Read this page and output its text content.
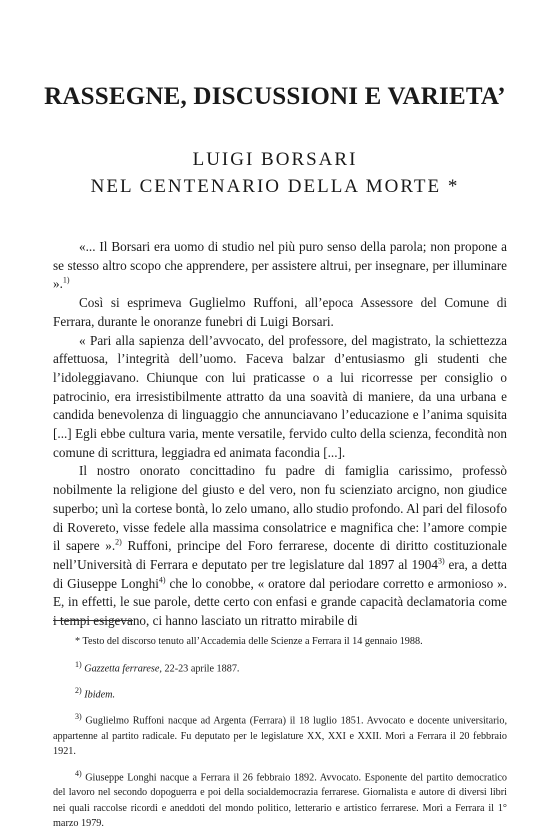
RASSEGNE, DISCUSSIONI E VARIETA’
LUIGI BORSARI
NEL CENTENARIO DELLA MORTE *

«... Il Borsari era uomo di studio nel più puro senso della parola; non propone a se stesso altro scopo che apprendere, per assistere altrui, per insegnare, per illuminare ».$^{1)}$

Così si esprimeva Guglielmo Ruffoni, all’epoca Assessore del Comune di Ferrara, durante le onoranze funebri di Luigi Borsari.

« Pari alla sapienza dell’avvocato, del professore, del magistrato, la schiettezza affettuosa, l’integrità dell’uomo. Faceva balzar d’entusiasmo gli studenti che l’idoleggiavano. Chiunque con lui praticasse o a lui ricorresse per consiglio o patrocinio, era irresistibilmente attratto da una soavità di maniere, da una urbana e candida benevolenza di linguaggio che annunciavano l’educazione e l’anima squisita [...] Egli ebbe cultura varia, mente versatile, fervido culto della scienza, fecondità non comune di scrittura, leggiadra ed animata facondia [...].

Il nostro onorato concittadino fu padre di famiglia carissimo, professò nobilmente la religione del giusto e del vero, non fu scienziato arcigno, non giudice superbo; unì la cortese bontà, lo zelo umano, allo studio profondo. Al pari del filosofo di Rovereto, visse fedele alla massima consolatrice e magnifica che: l’amore compie il sapere ».$^{2)}$ Ruffoni, principe del Foro ferrarese, docente di diritto costituzionale nell’Università di Ferrara e deputato per tre legislature dal 1897 al 1904$^{3)}$ era, a detta di Giuseppe Longhi$^{4)}$ che lo conobbe, « oratore dal periodare corretto e armonioso ». E, in effetti, le sue parole, dette certo con enfasi e grande capacità declamatoria come i tempi esigevano, ci hanno lasciato un ritratto mirabile di

* Testo del discorso tenuto all’Accademia delle Scienze a Ferrara il 14 gennaio 1988.

$^{1)}$ Gazzetta ferrarese, 22-23 aprile 1887.

$^{2)}$ Ibidem.

$^{3)}$ Guglielmo Ruffoni nacque ad Argenta (Ferrara) il 18 luglio 1851. Avvocato e docente universitario, appartenne al partito radicale. Fu deputato per le legislature XX, XXI e XXII. Morì a Ferrara il 20 febbraio 1921.

$^{4)}$ Giuseppe Longhi nacque a Ferrara il 26 febbraio 1892. Avvocato. Esponente del partito democratico del lavoro nel secondo dopoguerra e poi della socialdemocrazia ferrarese. Giornalista e autore di diversi libri nei quali raccolse ricordi e aneddoti del mondo politico, letterario e artistico ferrarese. Morì a Ferrara il 1° marzo 1979.
